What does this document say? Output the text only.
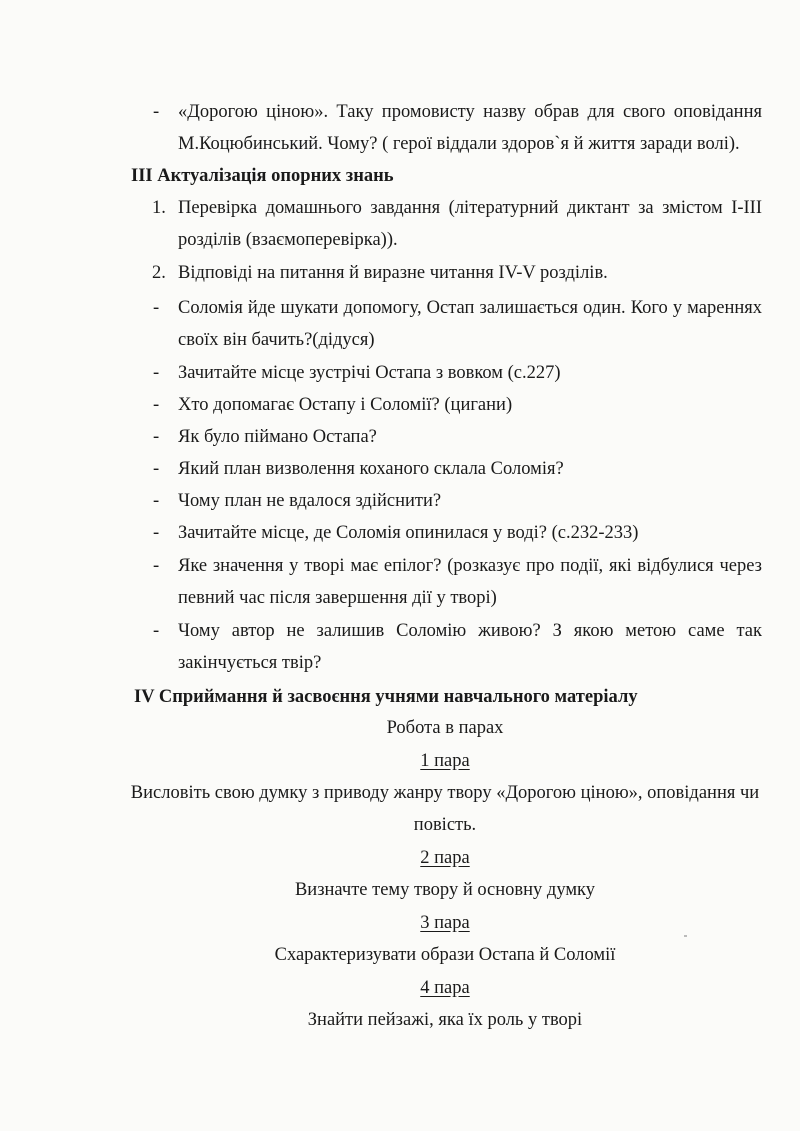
- «Дорогою ціною». Таку промовисту назву обрав для свого оповідання М.Коцюбинський. Чому? ( герої віддали здоров`я й життя заради волі).
ІІІ Актуалізація опорних знань
1. Перевірка домашнього завдання (літературний диктант за змістом І-ІІІ розділів (взаємоперевірка)).
2. Відповіді на питання й виразне читання IV-V розділів.
- Соломія йде шукати допомогу, Остап залишається один. Кого у мареннях своїх він бачить?(дідуся)
- Зачитайте місце зустрічі Остапа з вовком (с.227)
- Хто допомагає Остапу і Соломії? (цигани)
- Як було піймано Остапа?
- Який план визволення коханого склала Соломія?
- Чому план не вдалося здійснити?
- Зачитайте місце, де Соломія опинилася у воді? (с.232-233)
- Яке значення у творі має епілог? (розказує про події, які відбулися через певний час після завершення дії у творі)
- Чому автор не залишив Соломію живою? З якою метою саме так закінчується твір?
IV Сприймання й засвоєння учнями навчального матеріалу
Робота в парах
1 пара
Висловіть свою думку з приводу жанру твору «Дорогою ціною», оповідання чи повість.
2 пара
Визначте тему твору й основну думку
3 пара
Схарактеризувати образи Остапа й Соломії
4 пара
Знайти пейзажі, яка їх роль у творі
